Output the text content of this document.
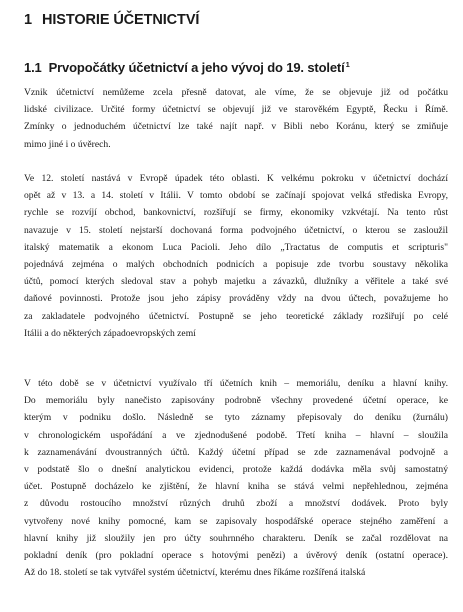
1 HISTORIE ÚČETNICTVÍ
1.1 Prvopočátky účetnictví a jeho vývoj do 19. století$^1$
Vznik účetnictví nemůžeme zcela přesně datovat, ale víme, že se objevuje již od počátku
lidské civilizace. Určité formy účetnictví se objevují již ve starověkém Egyptě, Řecku i Římě.
Zmínky o jednoduchém účetnictví lze také najít např. v Bibli nebo Koránu, který se zmiňuje
mimo jiné i o úvěrech.
Ve 12. století nastává v Evropě úpadek této oblasti. K velkému pokroku v účetnictví dochází
opět až v 13. a 14. století v Itálii. V tomto období se začínají spojovat velká střediska Evropy,
rychle se rozvíjí obchod, bankovnictví, rozšiřují se firmy, ekonomiky vzkvétají. Na tento růst
navazuje v 15. století nejstarší dochovaná forma podvojného účetnictví, o kterou se zasloužil
italský matematik a ekonom Luca Pacioli. Jeho dílo „Tractatus de computis et scripturis"
pojednává zejména o malých obchodních podnicích a popisuje zde tvorbu soustavy několika
účtů, pomocí kterých sledoval stav a pohyb majetku a závazků, dlužníky a věřitele a také své
daňové povinnosti. Protože jsou jeho zápisy prováděny vždy na dvou účtech, považujeme ho
za zakladatele podvojného účetnictví. Postupně se jeho teoretické základy rozšiřují po celé
Itálii a do některých západoevropských zemí
V této době se v účetnictví využívalo tří účetních knih – memoriálu, deníku a hlavní knihy.
Do memoriálu byly nanečisto zapisovány podrobně všechny provedené účetní operace, ke
kterým v podniku došlo. Následně se tyto záznamy přepisovaly do deníku (žurnálu)
v chronologickém uspořádání a ve zjednodušené podobě. Třetí kniha – hlavní – sloužila
k zaznamenávání dvoustranných účtů. Každý účetní případ se zde zaznamenával podvojně a
v podstatě šlo o dnešní analytickou evidenci, protože každá dodávka měla svůj samostatný
účet. Postupně docházelo ke zjištění, že hlavní kniha se stává velmi nepřehlednou, zejména
z důvodu rostoucího množství různých druhů zboží a množství dodávek. Proto byly
vytvořeny nové knihy pomocné, kam se zapisovaly hospodářské operace stejného zaměření a
hlavní knihy již sloužily jen pro účty souhrnného charakteru. Deník se začal rozdělovat na
pokladní deník (pro pokladní operace s hotovými penězi) a úvěrový deník (ostatní operace).
Až do 18. století se tak vytvářel systém účetnictví, kterému dnes říkáme rozšířená italská
